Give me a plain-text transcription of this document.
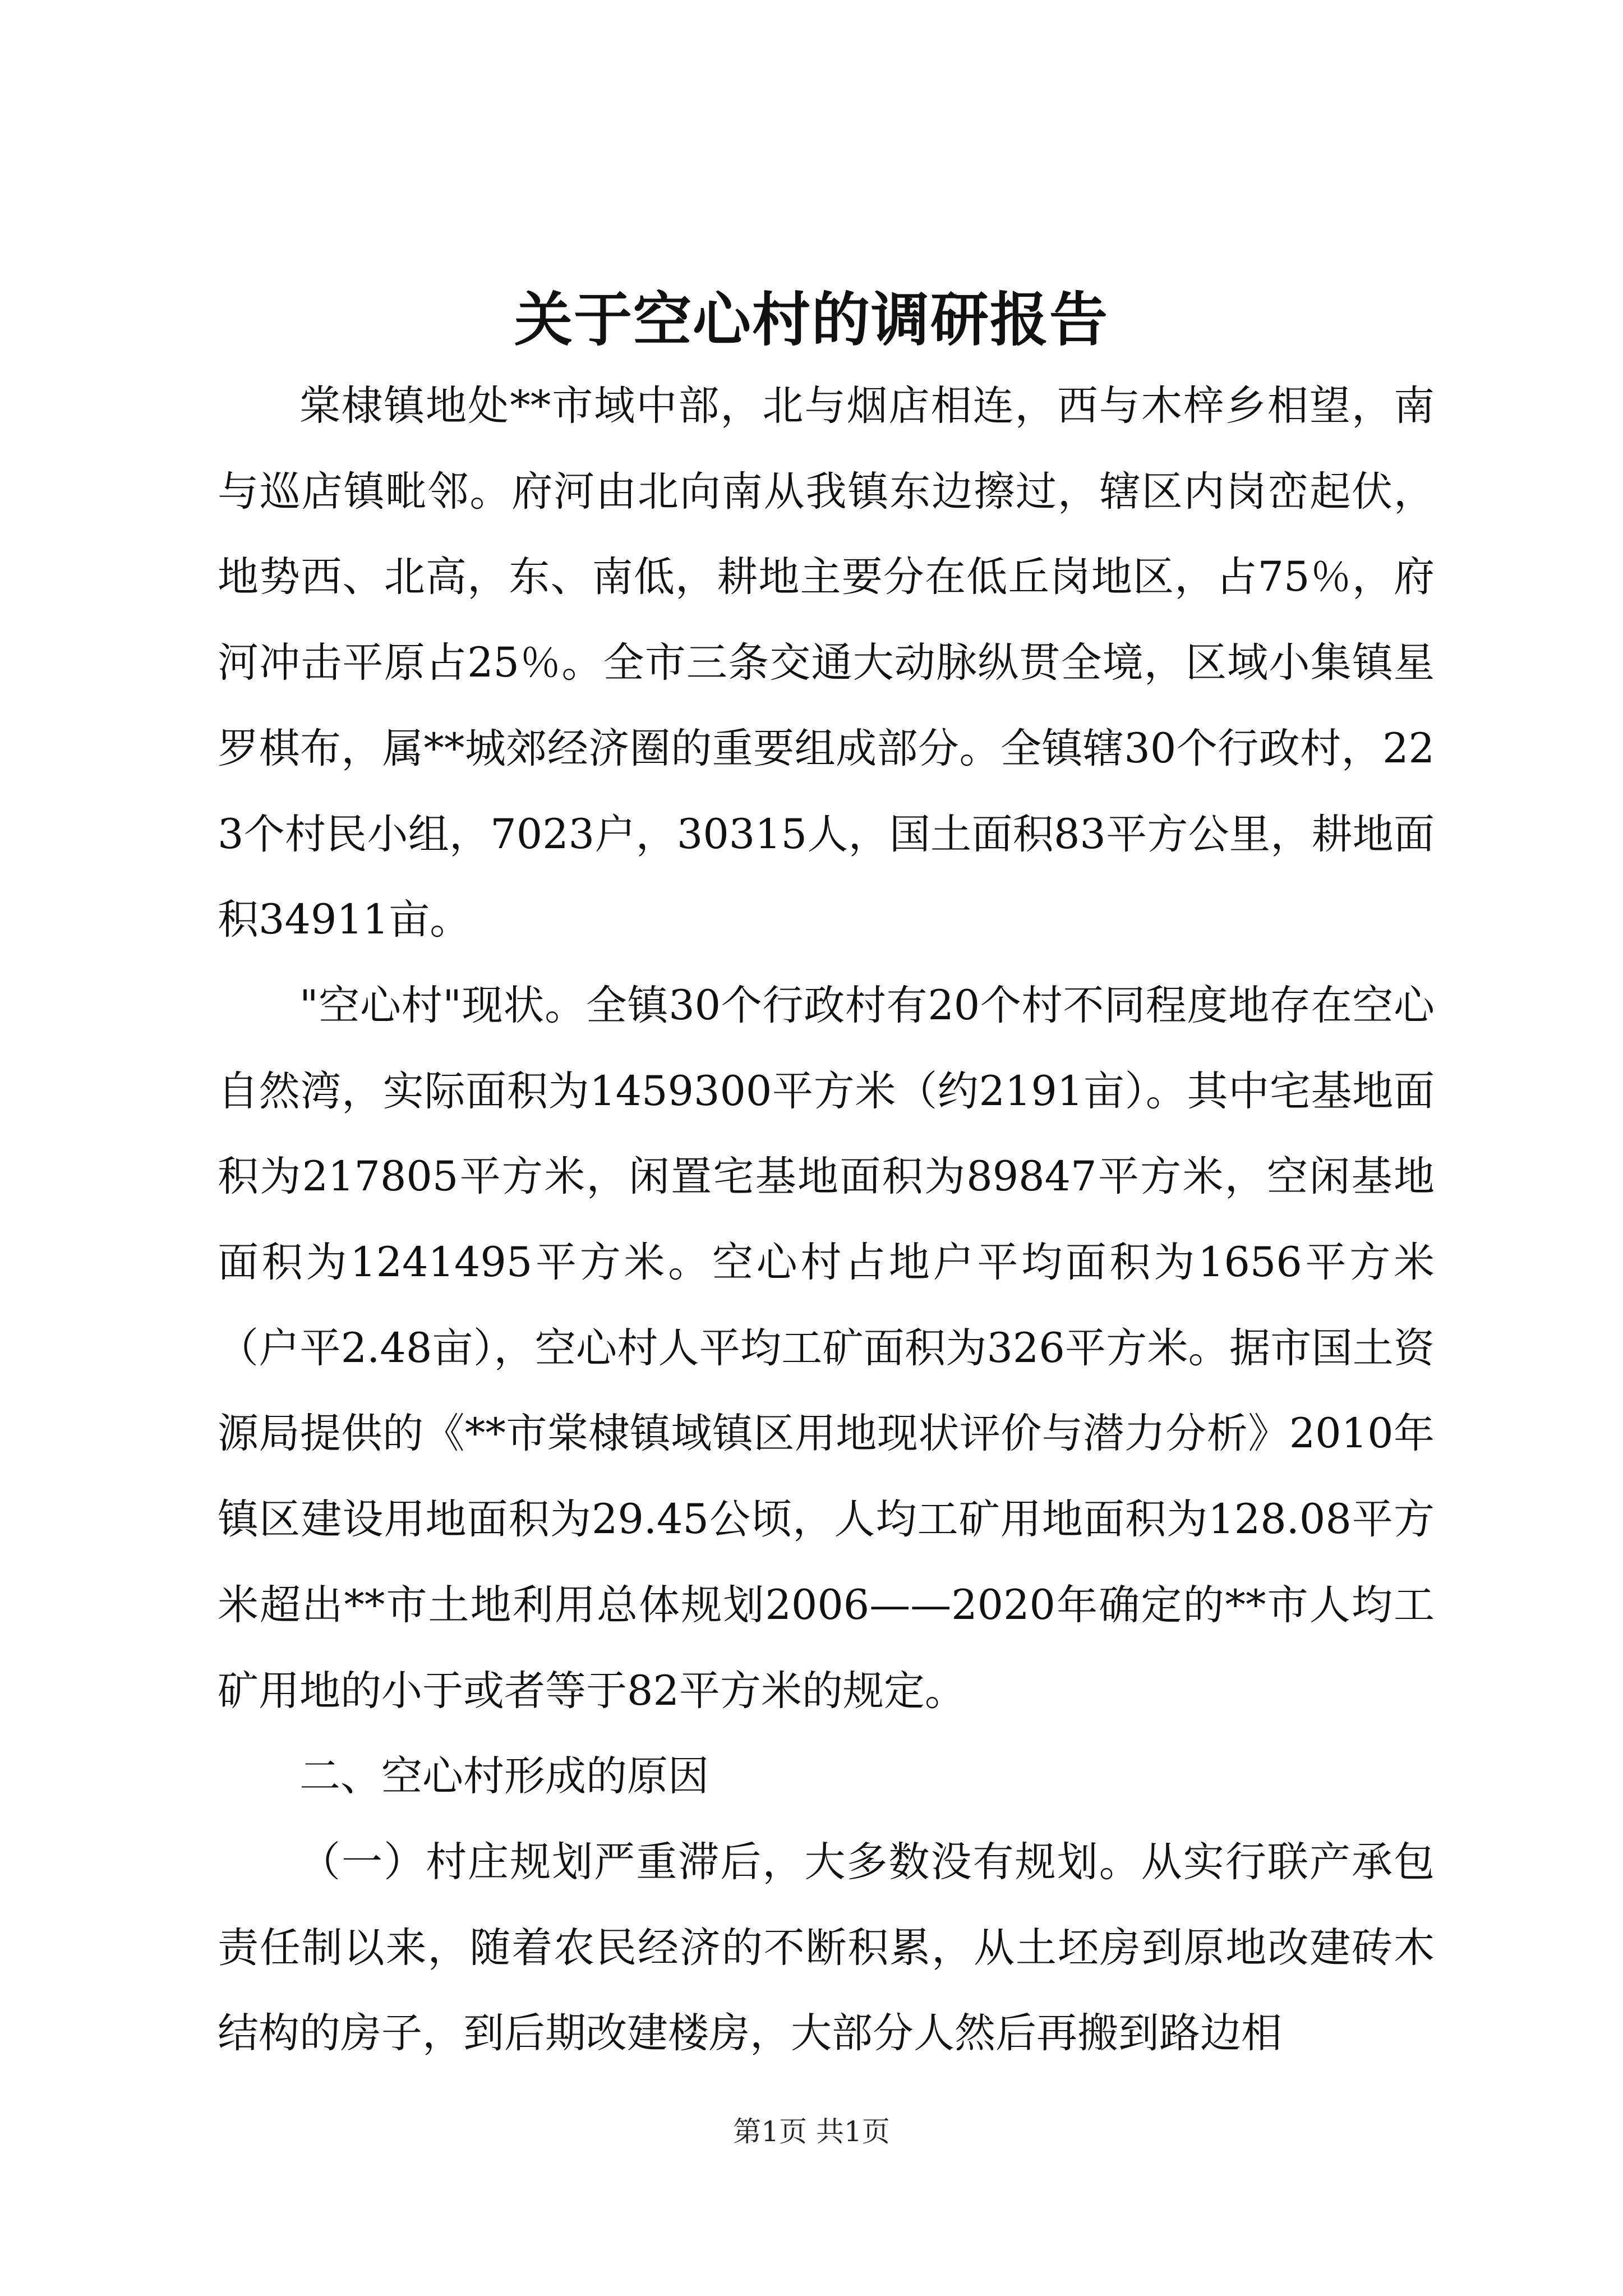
关于空心村的调研报告

棠棣镇地处**市域中部，北与烟店相连，西与木梓乡相望，南与巡店镇毗邻。府河由北向南从我镇东边擦过，辖区内岗峦起伏，地势西、北高，东、南低，耕地主要分在低丘岗地区，占75％，府河冲击平原占25％。全市三条交通大动脉纵贯全境，区域小集镇星罗棋布，属**城郊经济圈的重要组成部分。全镇辖30个行政村，223个村民小组，7023户，30315人，国土面积83平方公里，耕地面积34911亩。

"空心村"现状。全镇30个行政村有20个村不同程度地存在空心自然湾，实际面积为1459300平方米（约2191亩）。其中宅基地面积为217805平方米，闲置宅基地面积为89847平方米，空闲基地面积为1241495平方米。空心村占地户平均面积为1656平方米（户平2.48亩），空心村人平均工矿面积为326平方米。据市国土资源局提供的《**市棠棣镇域镇区用地现状评价与潜力分析》2010年镇区建设用地面积为29.45公顷，人均工矿用地面积为128.08平方米超出**市土地利用总体规划2006——2020年确定的**市人均工矿用地的小于或者等于82平方米的规定。

二、空心村形成的原因

（一）村庄规划严重滞后，大多数没有规划。从实行联产承包责任制以来，随着农民经济的不断积累，从土坯房到原地改建砖木结构的房子，到后期改建楼房，大部分人然后再搬到路边相

第1页 共1页
